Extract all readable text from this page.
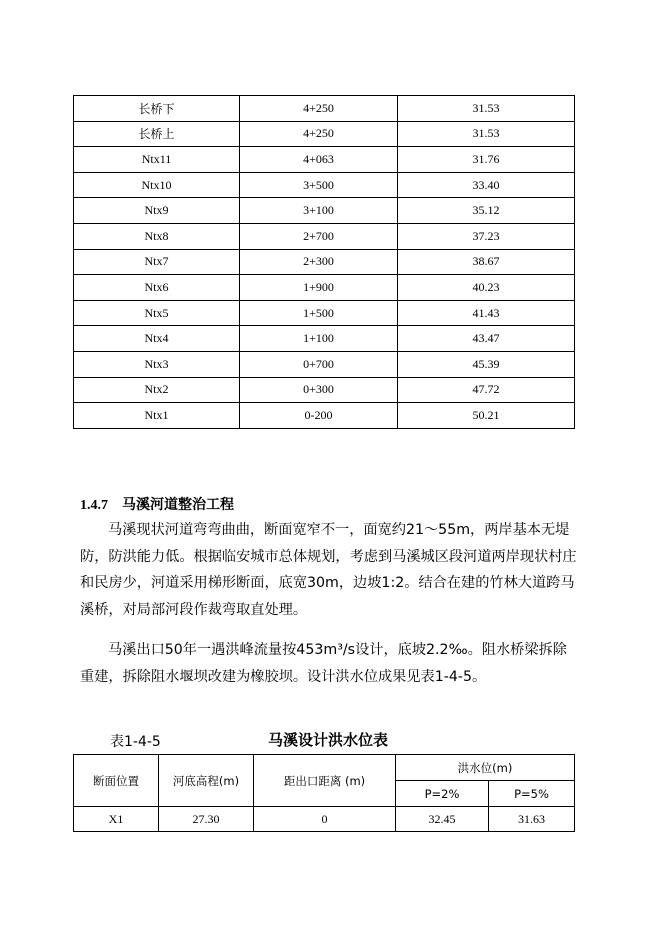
长桥下	4+250	31.53
长桥上	4+250	31.53
Ntx11	4+063	31.76
Ntx10	3+500	33.40
Ntx9	3+100	35.12
Ntx8	2+700	37.23
Ntx7	2+300	38.67
Ntx6	1+900	40.23
Ntx5	1+500	41.43
Ntx4	1+100	43.47
Ntx3	0+700	45.39
Ntx2	0+300	47.72
Ntx1	0-200	50.21
1.4.7 马溪河道整治工程

马溪现状河道弯弯曲曲，断面宽窄不一，面宽约21～55m，两岸基本无堤防，防洪能力低。根据临安城市总体规划，考虑到马溪城区段河道两岸现状村庄和民房少，河道采用梯形断面，底宽30m，边坡1:2。结合在建的竹林大道跨马溪桥，对局部河段作裁弯取直处理。

马溪出口50年一遇洪峰流量按453m³/s设计，底坡2.2‰。阻水桥梁拆除重建，拆除阻水堰坝改建为橡胶坝。设计洪水位成果见表1-4-5。

表1-4-5	马溪设计洪水位表
断面位置	河底高程(m)	距出口距离 (m)	洪水位(m)	
			P=2%	P=5%
X1	27.30	0	32.45	31.63
